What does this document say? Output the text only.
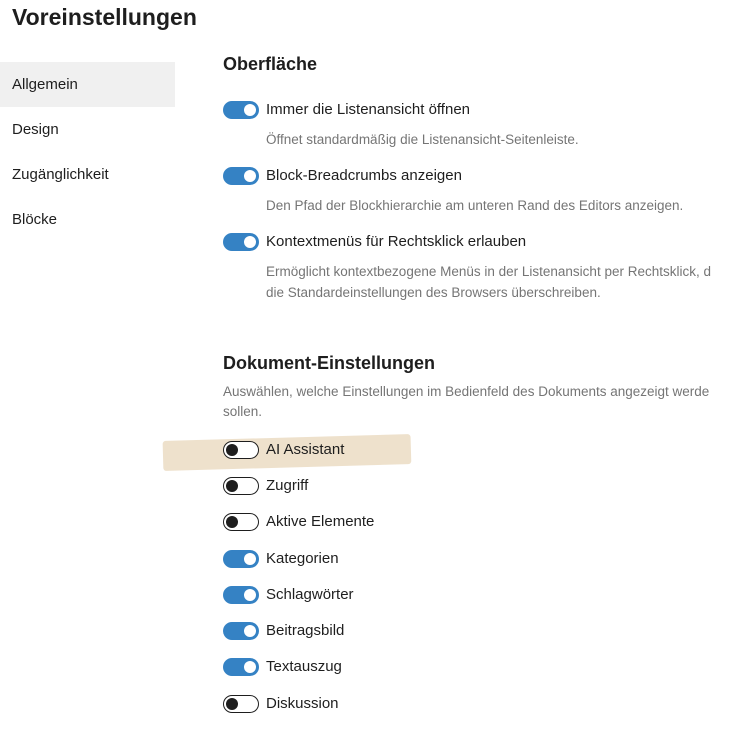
Voreinstellungen
Allgemein
Design
Zugänglichkeit
Blöcke
Oberfläche
Immer die Listenansicht öffnen
Öffnet standardmäßig die Listenansicht-Seitenleiste.
Block-Breadcrumbs anzeigen
Den Pfad der Blockhierarchie am unteren Rand des Editors anzeigen.
Kontextmenüs für Rechtsklick erlauben
Ermöglicht kontextbezogene Menüs in der Listenansicht per Rechtsklick, d
die Standardeinstellungen des Browsers überschreiben.
Dokument-Einstellungen
Auswählen, welche Einstellungen im Bedienfeld des Dokuments angezeigt werde
sollen.
AI Assistant
Zugriff
Aktive Elemente
Kategorien
Schlagwörter
Beitragsbild
Textauszug
Diskussion
